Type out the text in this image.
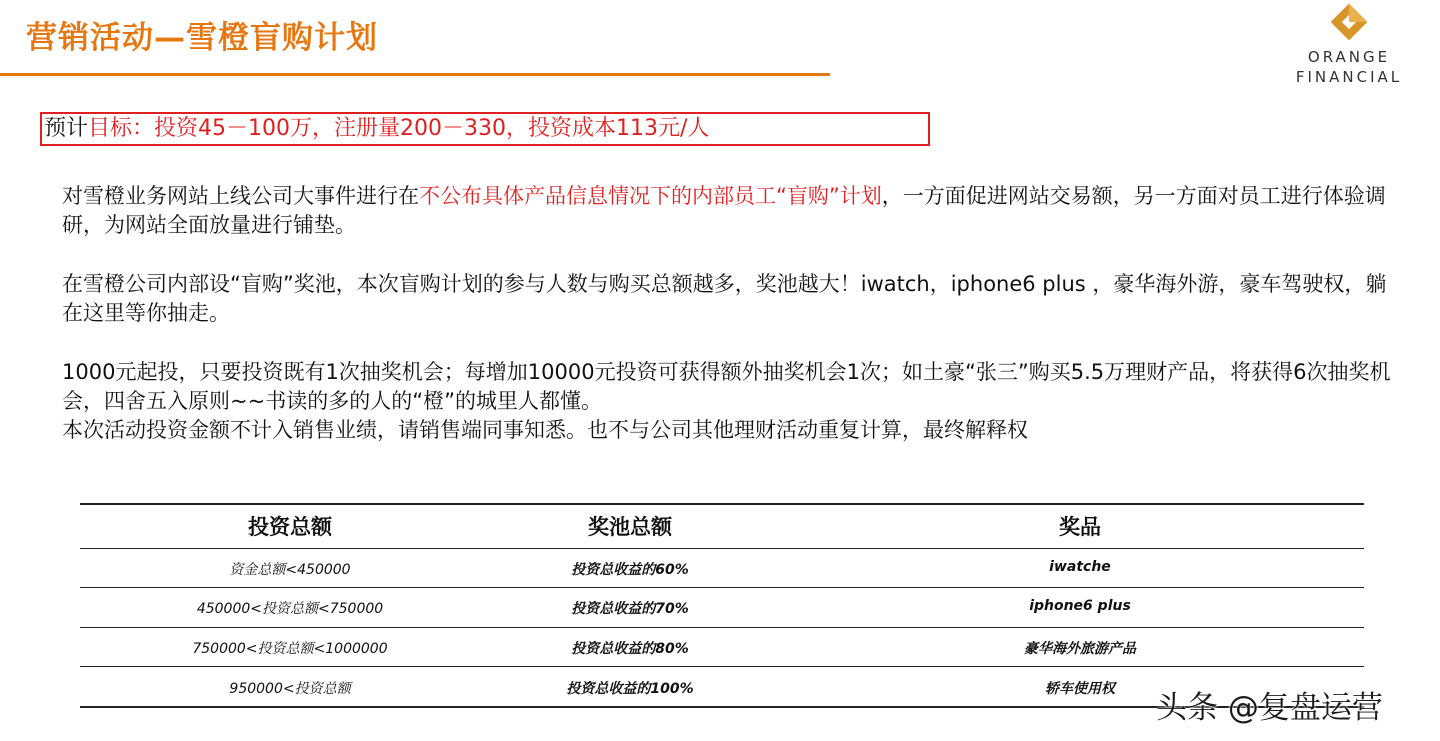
营销活动—雪橙盲购计划
ORANGE
FINANCIAL
预计目标：投资45－100万，注册量200－330，投资成本113元/人
对雪橙业务网站上线公司大事件进行在不公布具体产品信息情况下的内部员工“盲购”计划，一方面促进网站交易额，另一方面对员工进行体验调研，为网站全面放量进行铺垫。
在雪橙公司内部设“盲购”奖池，本次盲购计划的参与人数与购买总额越多，奖池越大！iwatch，iphone6 plus ，豪华海外游，豪车驾驶权，躺在这里等你抽走。
1000元起投，只要投资既有1次抽奖机会；每增加10000元投资可获得额外抽奖机会1次；如土豪“张三”购买5.5万理财产品，将获得6次抽奖机会，四舍五入原则~~书读的多的人的“橙”的城里人都懂。
本次活动投资金额不计入销售业绩，请销售端同事知悉。也不与公司其他理财活动重复计算，最终解释权
投资总额	奖池总额	奖品
资金总额<450000	投资总收益的60%	iwatche
450000<投资总额<750000	投资总收益的70%	iphone6 plus
750000<投资总额<1000000	投资总收益的80%	豪华海外旅游产品
950000<投资总额	投资总收益的100%	轿车使用权
头条 @复盘运营
